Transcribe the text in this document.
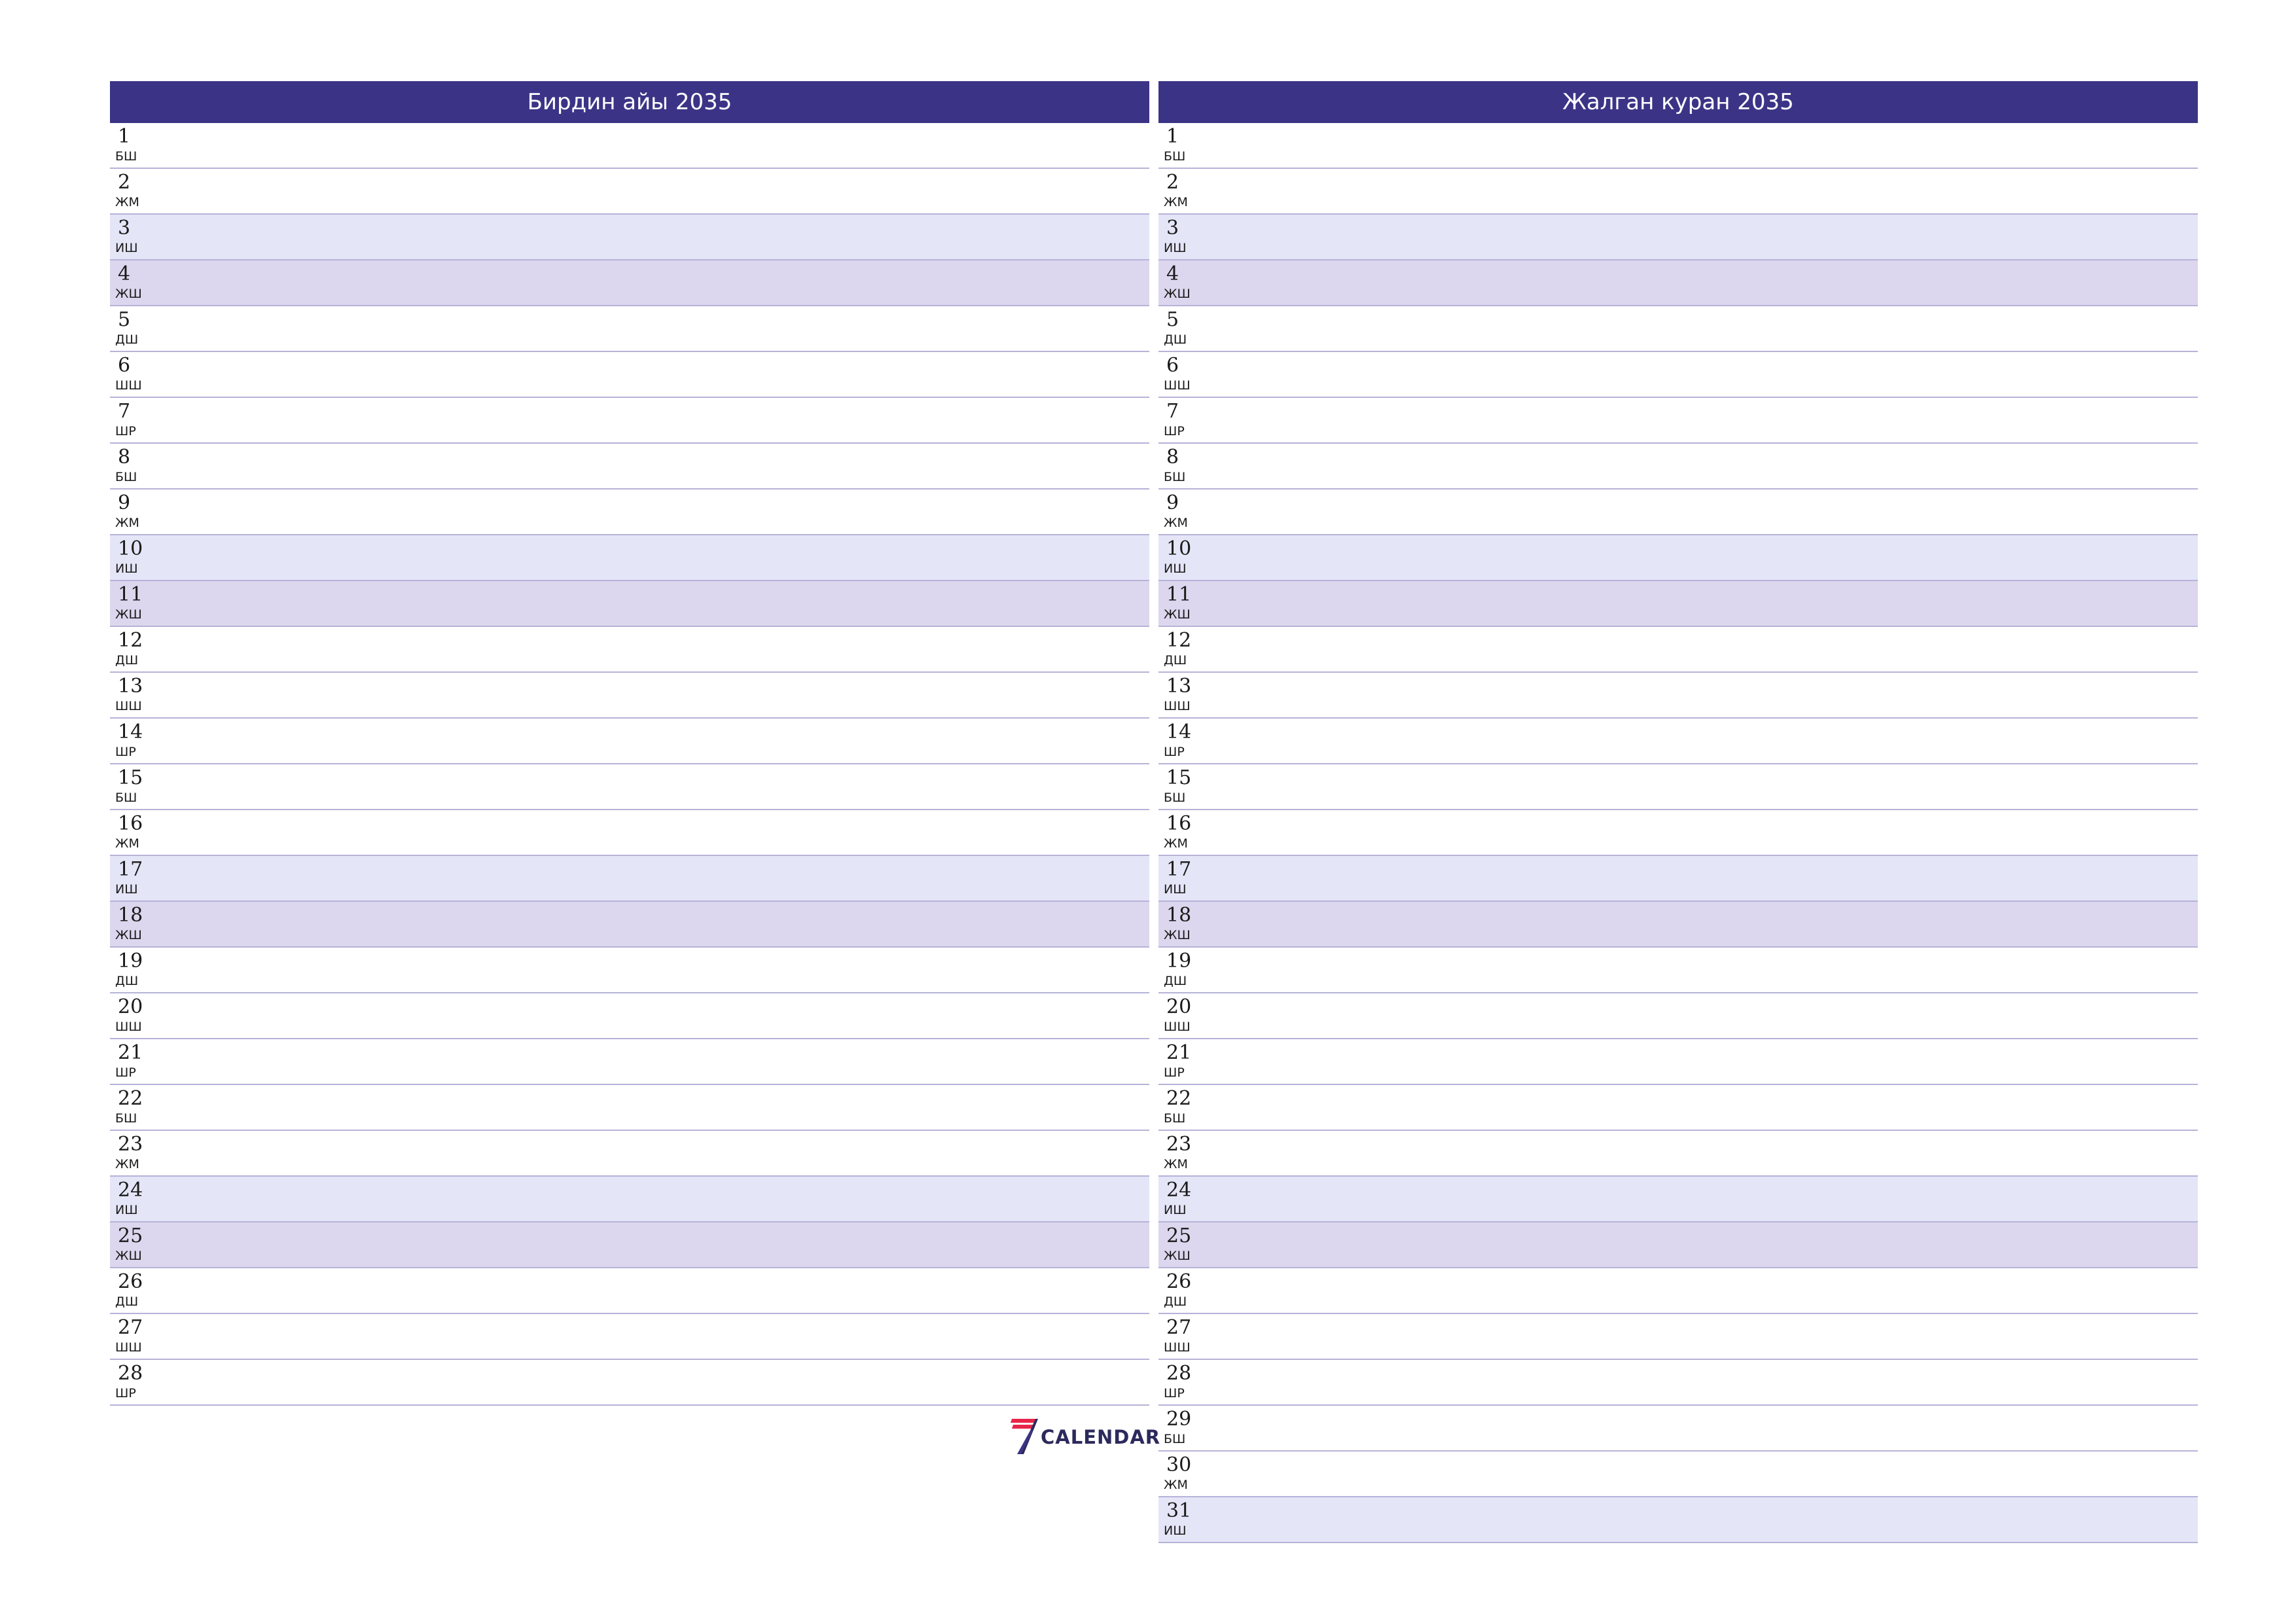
Бирдин айы 2035
1
БШ
2
ЖМ
3
ИШ
4
ЖШ
5
ДШ
6
ШШ
7
ШР
8
БШ
9
ЖМ
10
ИШ
11
ЖШ
12
ДШ
13
ШШ
14
ШР
15
БШ
16
ЖМ
17
ИШ
18
ЖШ
19
ДШ
20
ШШ
21
ШР
22
БШ
23
ЖМ
24
ИШ
25
ЖШ
26
ДШ
27
ШШ
28
ШР
Жалган куран 2035
1
БШ
2
ЖМ
3
ИШ
4
ЖШ
5
ДШ
6
ШШ
7
ШР
8
БШ
9
ЖМ
10
ИШ
11
ЖШ
12
ДШ
13
ШШ
14
ШР
15
БШ
16
ЖМ
17
ИШ
18
ЖШ
19
ДШ
20
ШШ
21
ШР
22
БШ
23
ЖМ
24
ИШ
25
ЖШ
26
ДШ
27
ШШ
28
ШР
29
БШ
30
ЖМ
31
ИШ
CALENDAR
